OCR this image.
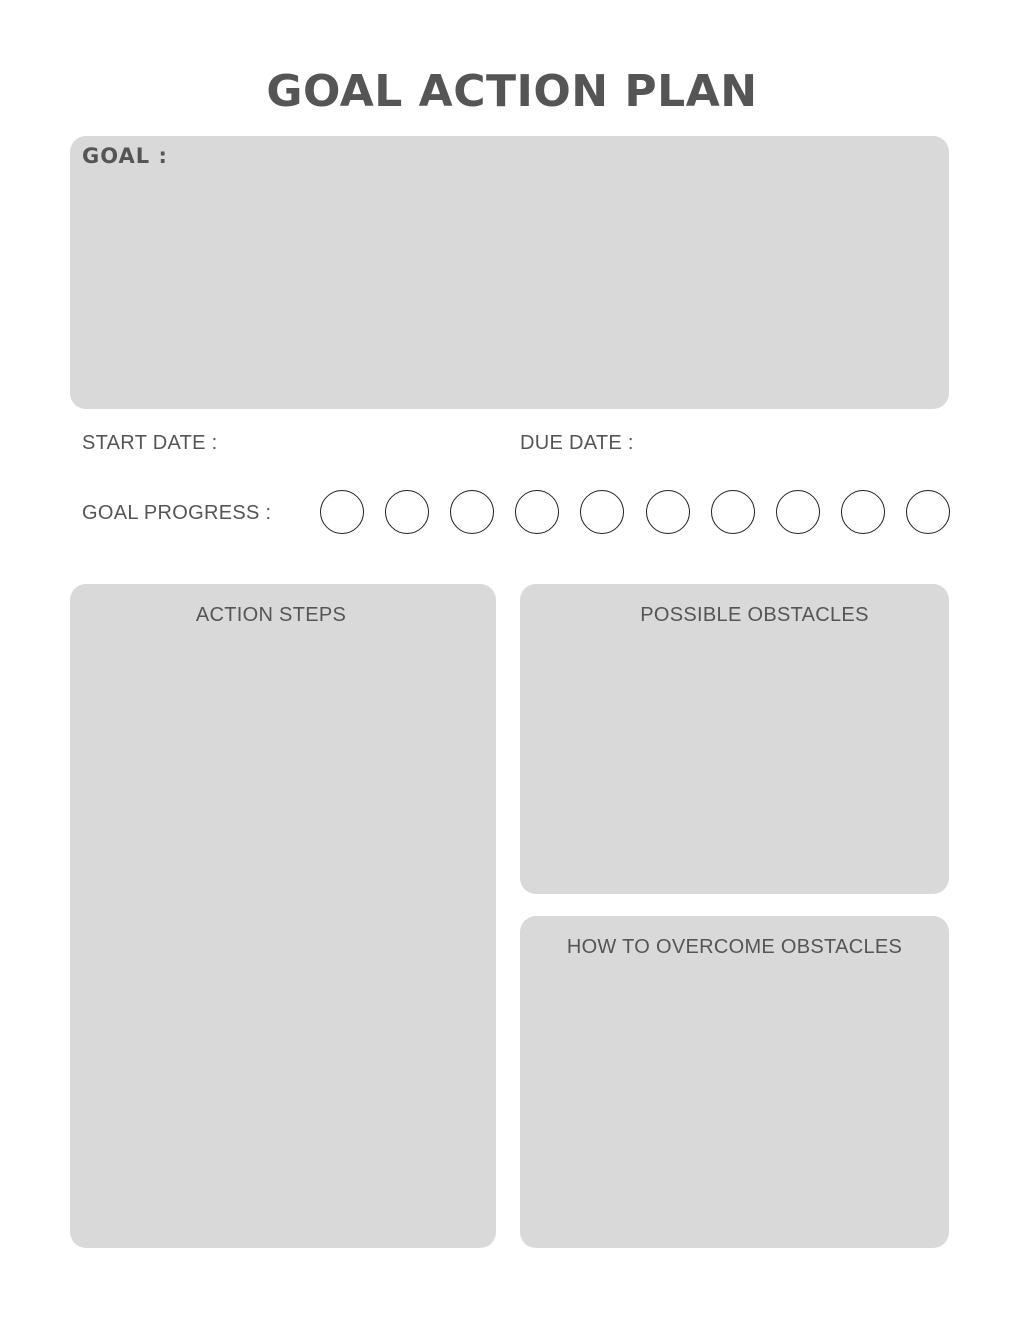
GOAL ACTION PLAN
GOAL :
START DATE :	DUE DATE :
GOAL PROGRESS :
ACTION STEPS	POSSIBLE OBSTACLES
HOW TO OVERCOME OBSTACLES
